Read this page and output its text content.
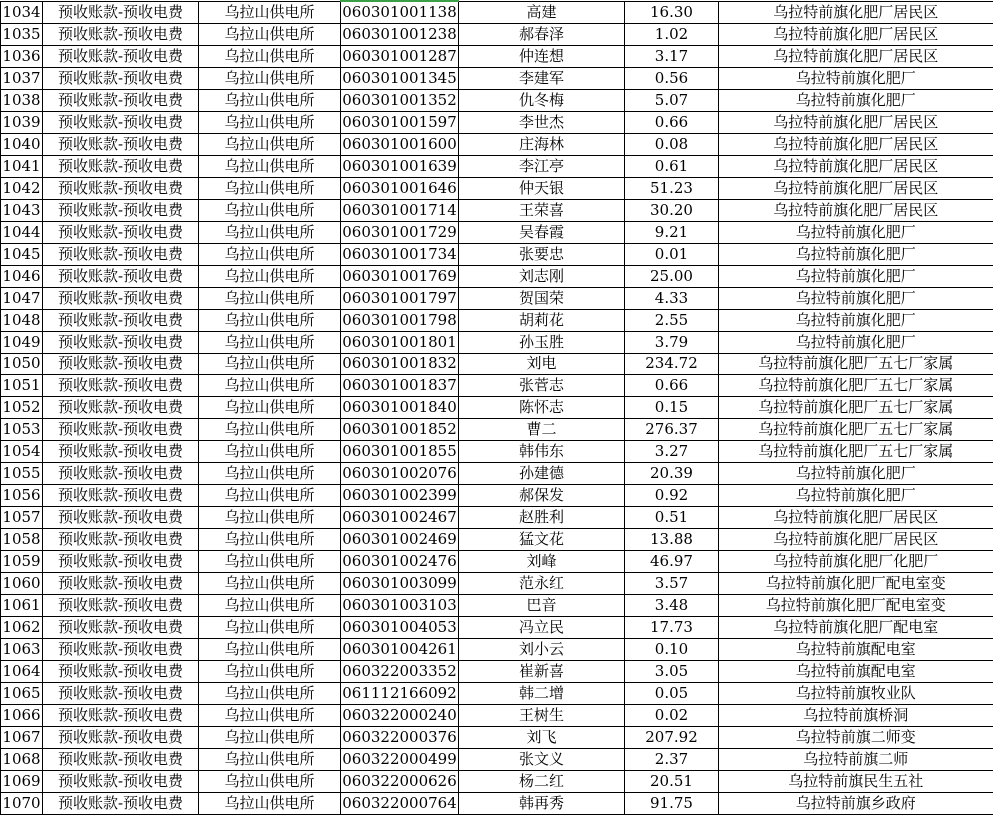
1034	预收账款-预收电费	乌拉山供电所	060301001138	高建	16.30	乌拉特前旗化肥厂居民区
1035	预收账款-预收电费	乌拉山供电所	060301001238	郝春泽	1.02	乌拉特前旗化肥厂居民区
1036	预收账款-预收电费	乌拉山供电所	060301001287	仲连想	3.17	乌拉特前旗化肥厂居民区
1037	预收账款-预收电费	乌拉山供电所	060301001345	李建军	0.56	乌拉特前旗化肥厂
1038	预收账款-预收电费	乌拉山供电所	060301001352	仇冬梅	5.07	乌拉特前旗化肥厂
1039	预收账款-预收电费	乌拉山供电所	060301001597	李世杰	0.66	乌拉特前旗化肥厂居民区
1040	预收账款-预收电费	乌拉山供电所	060301001600	庄海林	0.08	乌拉特前旗化肥厂居民区
1041	预收账款-预收电费	乌拉山供电所	060301001639	李江亭	0.61	乌拉特前旗化肥厂居民区
1042	预收账款-预收电费	乌拉山供电所	060301001646	仲天银	51.23	乌拉特前旗化肥厂居民区
1043	预收账款-预收电费	乌拉山供电所	060301001714	王荣喜	30.20	乌拉特前旗化肥厂居民区
1044	预收账款-预收电费	乌拉山供电所	060301001729	吴春霞	9.21	乌拉特前旗化肥厂
1045	预收账款-预收电费	乌拉山供电所	060301001734	张要忠	0.01	乌拉特前旗化肥厂
1046	预收账款-预收电费	乌拉山供电所	060301001769	刘志刚	25.00	乌拉特前旗化肥厂
1047	预收账款-预收电费	乌拉山供电所	060301001797	贺国荣	4.33	乌拉特前旗化肥厂
1048	预收账款-预收电费	乌拉山供电所	060301001798	胡莉花	2.55	乌拉特前旗化肥厂
1049	预收账款-预收电费	乌拉山供电所	060301001801	孙玉胜	3.79	乌拉特前旗化肥厂
1050	预收账款-预收电费	乌拉山供电所	060301001832	刘电	234.72	乌拉特前旗化肥厂五七厂家属
1051	预收账款-预收电费	乌拉山供电所	060301001837	张菅志	0.66	乌拉特前旗化肥厂五七厂家属
1052	预收账款-预收电费	乌拉山供电所	060301001840	陈怀志	0.15	乌拉特前旗化肥厂五七厂家属
1053	预收账款-预收电费	乌拉山供电所	060301001852	曹二	276.37	乌拉特前旗化肥厂五七厂家属
1054	预收账款-预收电费	乌拉山供电所	060301001855	韩伟东	3.27	乌拉特前旗化肥厂五七厂家属
1055	预收账款-预收电费	乌拉山供电所	060301002076	孙建德	20.39	乌拉特前旗化肥厂
1056	预收账款-预收电费	乌拉山供电所	060301002399	郝保发	0.92	乌拉特前旗化肥厂
1057	预收账款-预收电费	乌拉山供电所	060301002467	赵胜利	0.51	乌拉特前旗化肥厂居民区
1058	预收账款-预收电费	乌拉山供电所	060301002469	猛文花	13.88	乌拉特前旗化肥厂居民区
1059	预收账款-预收电费	乌拉山供电所	060301002476	刘峰	46.97	乌拉特前旗化肥厂化肥厂
1060	预收账款-预收电费	乌拉山供电所	060301003099	范永红	3.57	乌拉特前旗化肥厂配电室变
1061	预收账款-预收电费	乌拉山供电所	060301003103	巴音	3.48	乌拉特前旗化肥厂配电室变
1062	预收账款-预收电费	乌拉山供电所	060301004053	冯立民	17.73	乌拉特前旗化肥厂配电室
1063	预收账款-预收电费	乌拉山供电所	060301004261	刘小云	0.10	乌拉特前旗配电室
1064	预收账款-预收电费	乌拉山供电所	060322003352	崔新喜	3.05	乌拉特前旗配电室
1065	预收账款-预收电费	乌拉山供电所	061112166092	韩二增	0.05	乌拉特前旗牧业队
1066	预收账款-预收电费	乌拉山供电所	060322000240	王树生	0.02	乌拉特前旗桥洞
1067	预收账款-预收电费	乌拉山供电所	060322000376	刘飞	207.92	乌拉特前旗二师变
1068	预收账款-预收电费	乌拉山供电所	060322000499	张文义	2.37	乌拉特前旗二师
1069	预收账款-预收电费	乌拉山供电所	060322000626	杨二红	20.51	乌拉特前旗民生五社
1070	预收账款-预收电费	乌拉山供电所	060322000764	韩再秀	91.75	乌拉特前旗乡政府
